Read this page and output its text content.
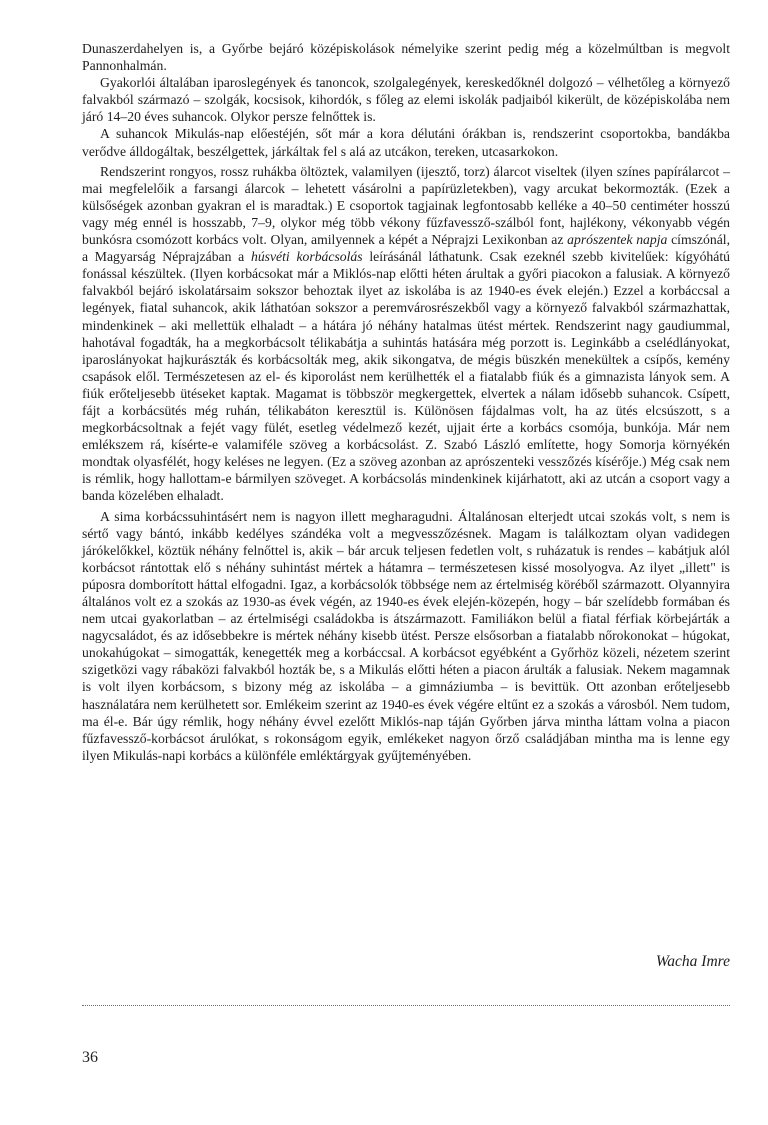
Dunaszerdahelyen is, a Győrbe bejáró középiskolások némelyike szerint pedig még a közelmúltban is megvolt Pannonhalmán.

Gyakorlói általában iparoslegények és tanoncok, szolgalegények, kereskedőknél dolgozó – vélhetőleg a környező falvakból származó – szolgák, kocsisok, kihordók, s főleg az elemi iskolák padjaiból kikerült, de középiskolába nem járó 14–20 éves suhancok. Olykor persze felnőttek is.

A suhancok Mikulás-nap előestéjén, sőt már a kora délutáni órákban is, rendszerint csoportokba, bandákba verődve álldogáltak, beszélgettek, járkáltak fel s alá az utcákon, tereken, utcasarkokon.

Rendszerint rongyos, rossz ruhákba öltöztek, valamilyen (ijesztő, torz) álarcot viseltek (ilyen színes papírálarcot – mai megfelelőik a farsangi álarcok – lehetett vásárolni a papírüzletekben), vagy arcukat bekormozták. (Ezek a külsőségek azonban gyakran el is maradtak.) E csoportok tagjainak legfontosabb kelléke a 40–50 centiméter hosszú vagy még ennél is hosszabb, 7–9, olykor még több vékony fűzfavessző-szálból font, hajlékony, vékonyabb végén bunkósra csomózott korbács volt. Olyan, amilyennek a képét a Néprajzi Lexikonban az aprószentek napja címszónál, a Magyarság Néprajzában a húsvéti korbácsolás leírásánál láthatunk. Csak ezeknél szebb kivitelűek: kígyóhátú fonással készültek. (Ilyen korbácsokat már a Miklós-nap előtti héten árultak a győri piacokon a falusiak. A környező falvakból bejáró iskolatársaim sokszor behoztak ilyet az iskolába is az 1940-es évek elején.) Ezzel a korbáccsal a legények, fiatal suhancok, akik láthatóan sokszor a peremvárosrészekből vagy a környező falvakból származhattak, mindenkinek – aki mellettük elhaladt – a hátára jó néhány hatalmas ütést mértek. Rendszerint nagy gaudiummal, hahotával fogadták, ha a megkorbácsolt télikabátja a suhintás hatására még porzott is. Leginkább a cselédlányokat, iparoslányokat hajkurászták és korbácsolták meg, akik sikongatva, de mégis büszkén menekültek a csípős, kemény csapások elől. Természetesen az el- és kiporolást nem kerülhették el a fiatalabb fiúk és a gimnazista lányok sem. A fiúk erőteljesebb ütéseket kaptak. Magamat is többször megkergettek, elvertek a nálam idősebb suhancok. Csípett, fájt a korbácsütés még ruhán, télikabáton keresztül is. Különösen fájdalmas volt, ha az ütés elcsúszott, s a megkorbácsoltnak a fejét vagy fülét, esetleg védelmező kezét, ujjait érte a korbács csomója, bunkója. Már nem emlékszem rá, kísérte-e valamiféle szöveg a korbácsolást. Z. Szabó László említette, hogy Somorja környékén mondtak olyasfélét, hogy keléses ne legyen. (Ez a szöveg azonban az aprószenteki vesszőzés kísérője.) Még csak nem is rémlik, hogy hallottam-e bármilyen szöveget. A korbácsolás mindenkinek kijárhatott, aki az utcán a csoport vagy a banda közelében elhaladt.

A sima korbácssuhintásért nem is nagyon illett megharagudni. Általánosan elterjedt utcai szokás volt, s nem is sértő vagy bántó, inkább kedélyes szándéka volt a megvesszőzésnek. Magam is találkoztam olyan vadidegen járókelőkkel, köztük néhány felnőttel is, akik – bár arcuk teljesen fedetlen volt, s ruházatuk is rendes – kabátjuk alól korbácsot rántottak elő s néhány suhintást mértek a hátamra – természetesen kissé mosolyogva. Az ilyet „illett" is púposra domborított háttal elfogadni. Igaz, a korbácsolók többsége nem az értelmiség köréből származott. Olyannyira általános volt ez a szokás az 1930-as évek végén, az 1940-es évek elején-közepén, hogy – bár szelídebb formában és nem utcai gyakorlatban – az értelmiségi családokba is átszármazott. Familiákon belül a fiatal férfiak körbejárták a nagycsaládot, és az idősebbekre is mértek néhány kisebb ütést. Persze elsősorban a fiatalabb nőrokonokat – húgokat, unokahúgokat – simogatták, kenegették meg a korbáccsal. A korbácsot egyébként a Győrhöz közeli, nézetem szerint szigetközi vagy rábaközi falvakból hozták be, s a Mikulás előtti héten a piacon árulták a falusiak. Nekem magamnak is volt ilyen korbácsom, s bizony még az iskolába – a gimnáziumba – is bevittük. Ott azonban erőteljesebb használatára nem kerülhetett sor. Emlékeim szerint az 1940-es évek végére eltűnt ez a szokás a városból. Nem tudom, ma él-e. Bár úgy rémlik, hogy néhány évvel ezelőtt Miklós-nap táján Győrben járva mintha láttam volna a piacon fűzfavessző-korbácsot árulókat, s rokonságom egyik, emlékeket nagyon őrző családjában mintha ma is lenne egy ilyen Mikulás-napi korbács a különféle emléktárgyak gyűjteményében.

Wacha Imre
36
